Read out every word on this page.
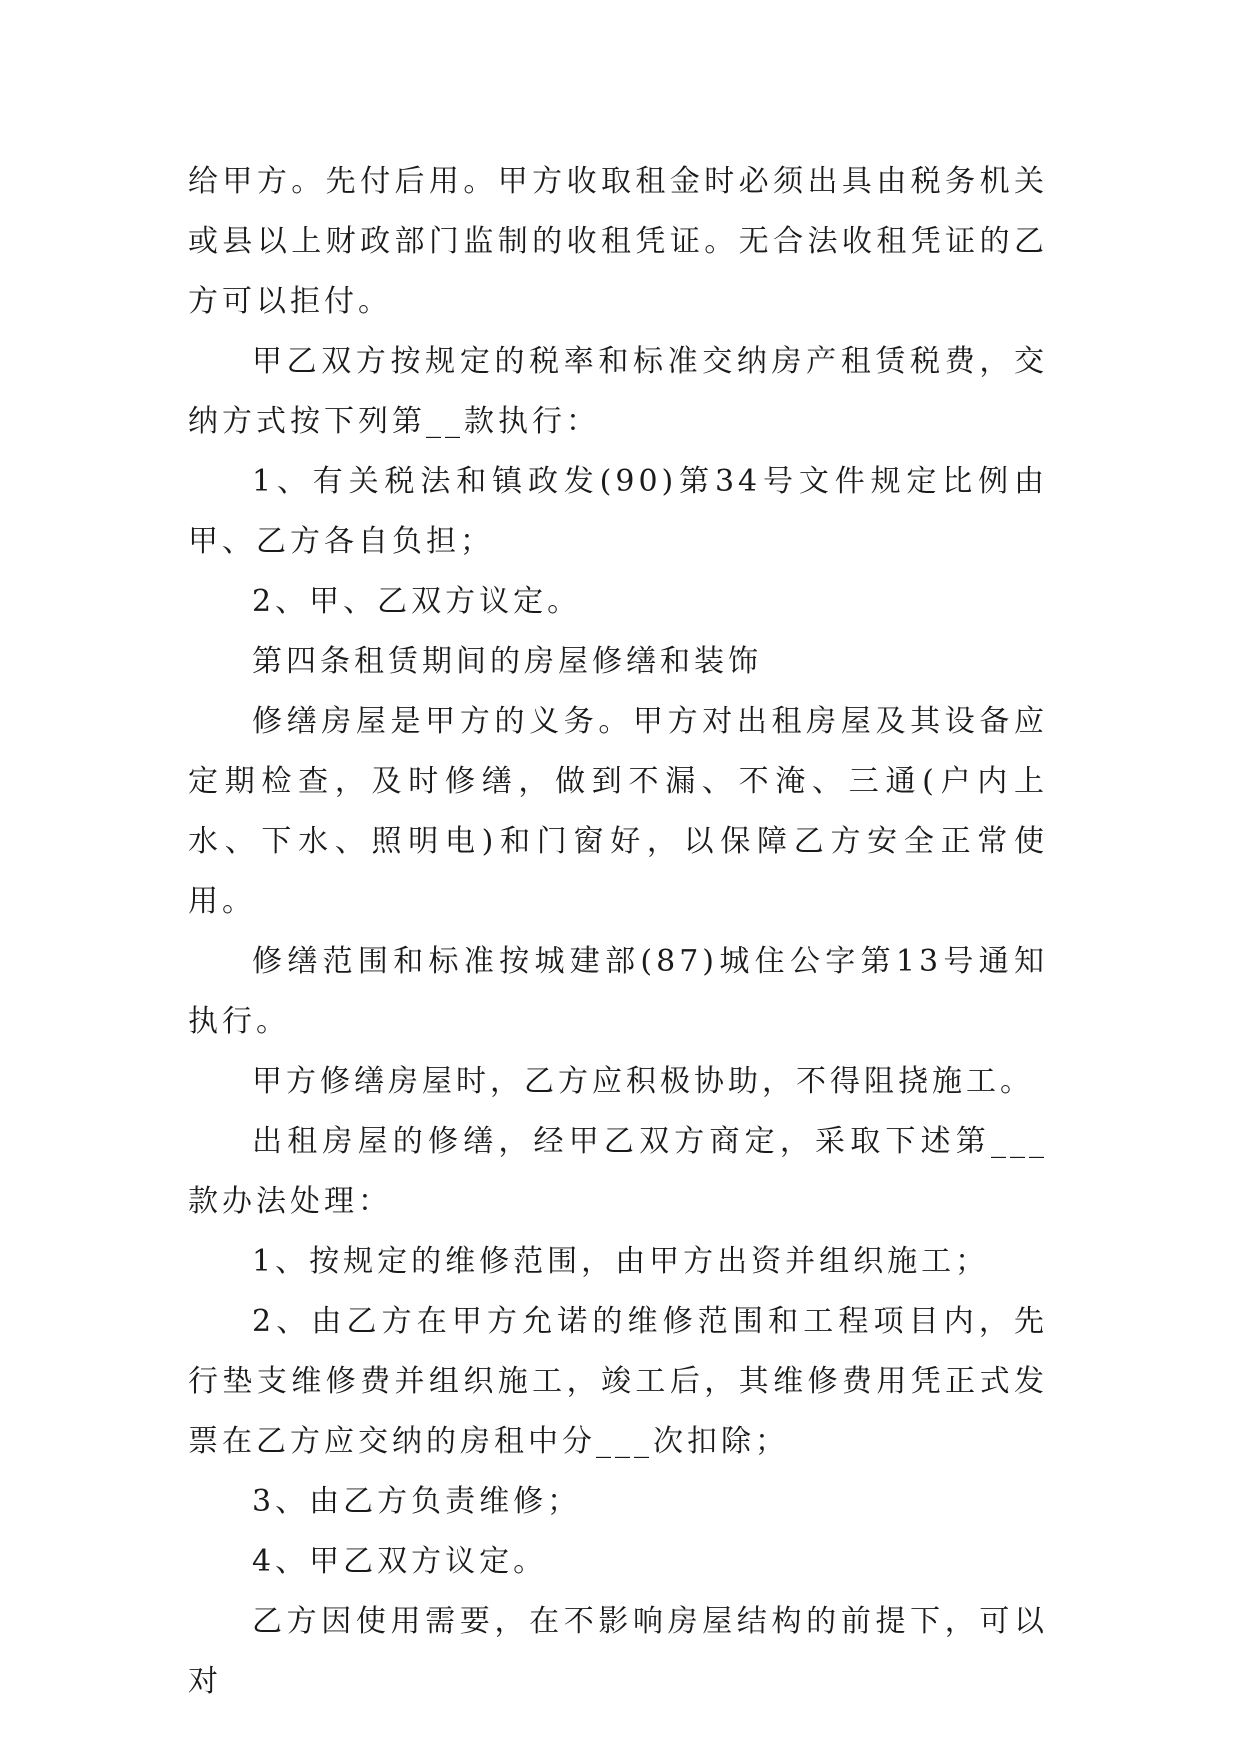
给甲方。先付后用。甲方收取租金时必须出具由税务机关或县以上财政部门监制的收租凭证。无合法收租凭证的乙方可以拒付。

甲乙双方按规定的税率和标准交纳房产租赁税费，交纳方式按下列第__款执行：

1、有关税法和镇政发(90)第34号文件规定比例由甲、乙方各自负担；

2、甲、乙双方议定。

第四条租赁期间的房屋修缮和装饰

修缮房屋是甲方的义务。甲方对出租房屋及其设备应定期检查，及时修缮，做到不漏、不淹、三通(户内上水、下水、照明电)和门窗好，以保障乙方安全正常使用。

修缮范围和标准按城建部(87)城住公字第13号通知执行。

甲方修缮房屋时，乙方应积极协助，不得阻挠施工。

出租房屋的修缮，经甲乙双方商定，采取下述第___款办法处理：

1、按规定的维修范围，由甲方出资并组织施工；

2、由乙方在甲方允诺的维修范围和工程项目内，先行垫支维修费并组织施工，竣工后，其维修费用凭正式发票在乙方应交纳的房租中分___次扣除；

3、由乙方负责维修；

4、甲乙双方议定。

乙方因使用需要，在不影响房屋结构的前提下，可以对
